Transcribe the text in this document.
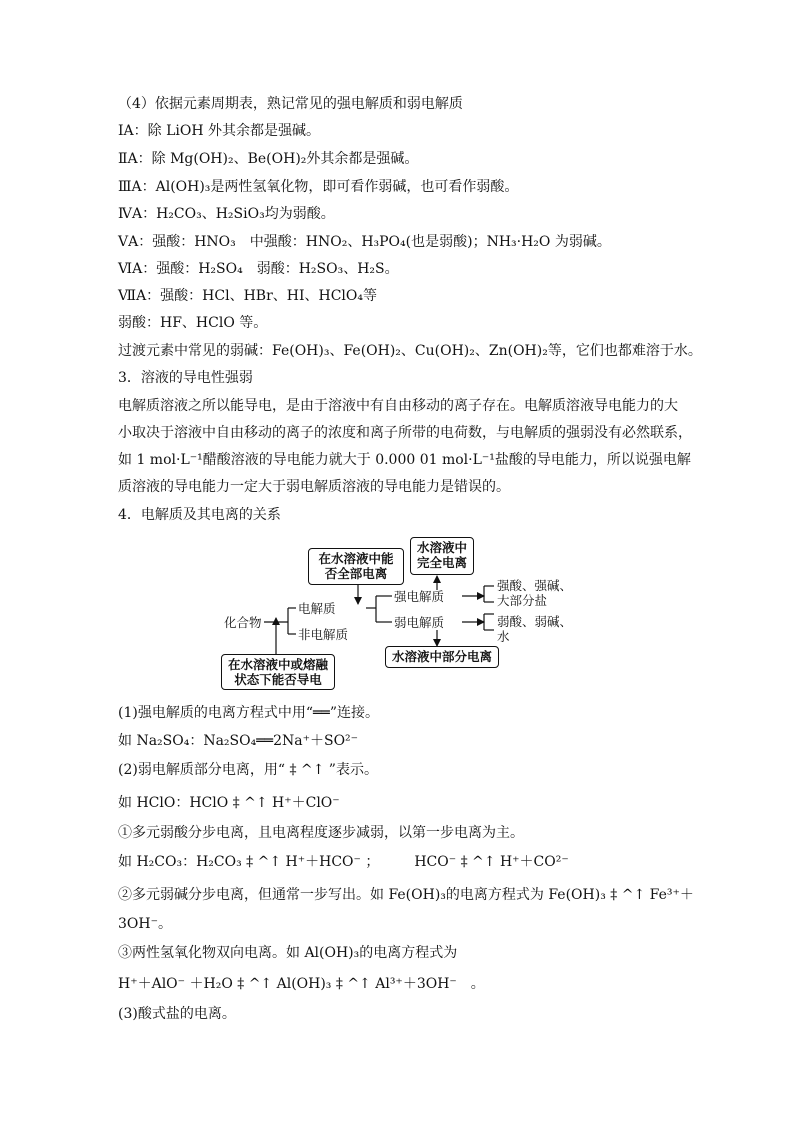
（4）依据元素周期表，熟记常见的强电解质和弱电解质
ⅠA：除 LiOH 外其余都是强碱。
ⅡA：除 Mg(OH)₂、Be(OH)₂外其余都是强碱。
ⅢA：Al(OH)₃是两性氢氧化物，即可看作弱碱，也可看作弱酸。
ⅣA：H₂CO₃、H₂SiO₃均为弱酸。
ⅤA：强酸：HNO₃　中强酸：HNO₂、H₃PO₄(也是弱酸)；NH₃·H₂O 为弱碱。
ⅥA：强酸：H₂SO₄　弱酸：H₂SO₃、H₂S。
ⅦA：强酸：HCl、HBr、HI、HClO₄等
弱酸：HF、HClO 等。
过渡元素中常见的弱碱：Fe(OH)₃、Fe(OH)₂、Cu(OH)₂、Zn(OH)₂等，它们也都难溶于水。
3．溶液的导电性强弱
电解质溶液之所以能导电，是由于溶液中有自由移动的离子存在。电解质溶液导电能力的大
小取决于溶液中自由移动的离子的浓度和离子所带的电荷数，与电解质的强弱没有必然联系，
如 1 mol·L⁻¹醋酸溶液的导电能力就大于 0.000 01 mol·L⁻¹盐酸的导电能力，所以说强电解
质溶液的导电能力一定大于弱电解质溶液的导电能力是错误的。
4．电解质及其电离的关系
在水溶液中能
否全部电离
水溶液中
完全电离
水溶液中部分电离
在水溶液中或熔融
状态下能否导电
化合物
电解质
非电解质
强电解质
弱电解质
强酸、强碱、
大部分盐
弱酸、弱碱、
水
(1)强电解质的电离方程式中用“══”连接。
如 Na₂SO₄：Na₂SO₄══2Na⁺＋SO²⁻
(2)弱电解质部分电离，用“ ‡ ^↑ ”表示。
如 HClO：HClO ‡ ^↑ H⁺＋ClO⁻
①多元弱酸分步电离，且电离程度逐步减弱，以第一步电离为主。
如 H₂CO₃：H₂CO₃ ‡ ^↑ H⁺＋HCO⁻ ；　　　HCO⁻ ‡ ^↑ H⁺＋CO²⁻
②多元弱碱分步电离，但通常一步写出。如 Fe(OH)₃的电离方程式为 Fe(OH)₃ ‡ ^↑ Fe³⁺＋
3OH⁻。
③两性氢氧化物双向电离。如 Al(OH)₃的电离方程式为
H⁺＋AlO⁻ ＋H₂O ‡ ^↑ Al(OH)₃ ‡ ^↑ Al³⁺＋3OH⁻　。
(3)酸式盐的电离。
